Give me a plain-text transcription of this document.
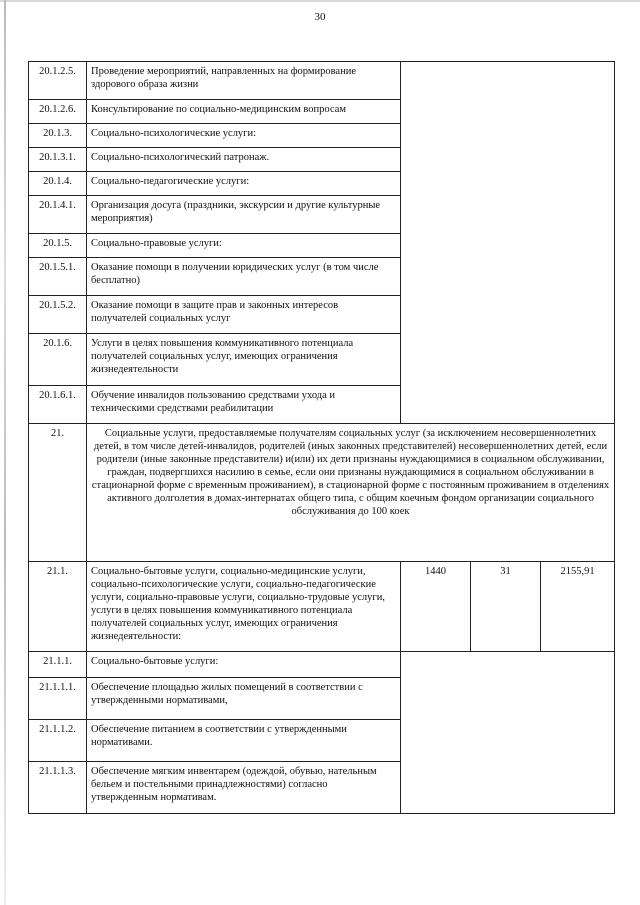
30
20.1.2.5.	Проведение мероприятий, направленных на формирование здорового образа жизни			
20.1.2.6.	Консультирование по социально-медицинским вопросам			
20.1.3.	Социально-психологические услуги:			
20.1.3.1.	Социально-психологический патронаж.			
20.1.4.	Социально-педагогические услуги:			
20.1.4.1.	Организация досуга (праздники, экскурсии и другие культурные мероприятия)			
20.1.5.	Социально-правовые услуги:			
20.1.5.1.	Оказание помощи в получении юридических услуг (в том числе бесплатно)			
20.1.5.2.	Оказание помощи в защите прав и законных интересов получателей социальных услуг			
20.1.6.	Услуги в целях повышения коммуникативного потенциала получателей социальных услуг, имеющих ограничения жизнедеятельности			
20.1.6.1.	Обучение инвалидов пользованию средствами ухода и техническими средствами реабилитации			
21.	Социальные услуги, предоставляемые получателям социальных услуг (за исключением несовершеннолетних детей, в том числе детей-инвалидов, родителей (иных законных представителей) несовершеннолетних детей, если родители (иные законные представители) и(или) их дети признаны нуждающимися в социальном обслуживании, граждан, подвергшихся насилию в семье, если они признаны нуждающимися в социальном обслуживании в стационарной форме с временным проживанием), в стационарной форме с постоянным проживанием в отделениях активного долголетия в домах-интернатах общего типа, с общим коечным фондом организации социального обслуживания до 100 коек			
21.1.	Социально-бытовые услуги, социально-медицинские услуги, социально-психологические услуги, социально-педагогические услуги, социально-правовые услуги, социально-трудовые услуги, услуги в целях повышения коммуникативного потенциала получателей социальных услуг, имеющих ограничения жизнедеятельности:	1440	31	2155,91
21.1.1.	Социально-бытовые услуги:			
21.1.1.1.	Обеспечение площадью жилых помещений в соответствии с утвержденными нормативами,			
21.1.1.2.	Обеспечение питанием в соответствии с утвержденными нормативами.			
21.1.1.3.	Обеспечение мягким инвентарем (одеждой, обувью, нательным бельем и постельными принадлежностями) согласно утвержденным нормативам.			
